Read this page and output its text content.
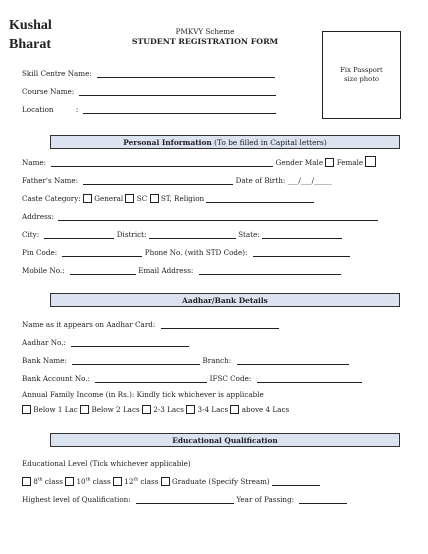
Kushal
Bharat
PMKVY Scheme
STUDENT REGISTRATION FORM
Fix Passport
size photo
Skill Centre Name:
Course Name:
Location	:
Personal Information (To be filled in Capital letters)
Name:	Gender Male Female
Father's Name:	Date of Birth: ___/___/_____
Caste Category: General SC ST, Religion
Address:
City:	District:	State:
Pin Code:	Phone No. (with STD Code):
Mobile No.:	Email Address:
Aadhar/Bank Details
Name as it appears on Aadhar Card:
Aadhar No.:
Bank Name:	Branch:
Bank Account No.:	IFSC Code:
Annual Family Income (in Rs.): Kindly tick whichever is applicable
Below 1 Lac Below 2 Lacs 2-3 Lacs 3-4 Lacs above 4 Lacs
Educational Qualification
Educational Level (Tick whichever applicable)
8th class 10th class 12th class Graduate (Specify Stream)
Highest level of Qualification:	Year of Passing:
